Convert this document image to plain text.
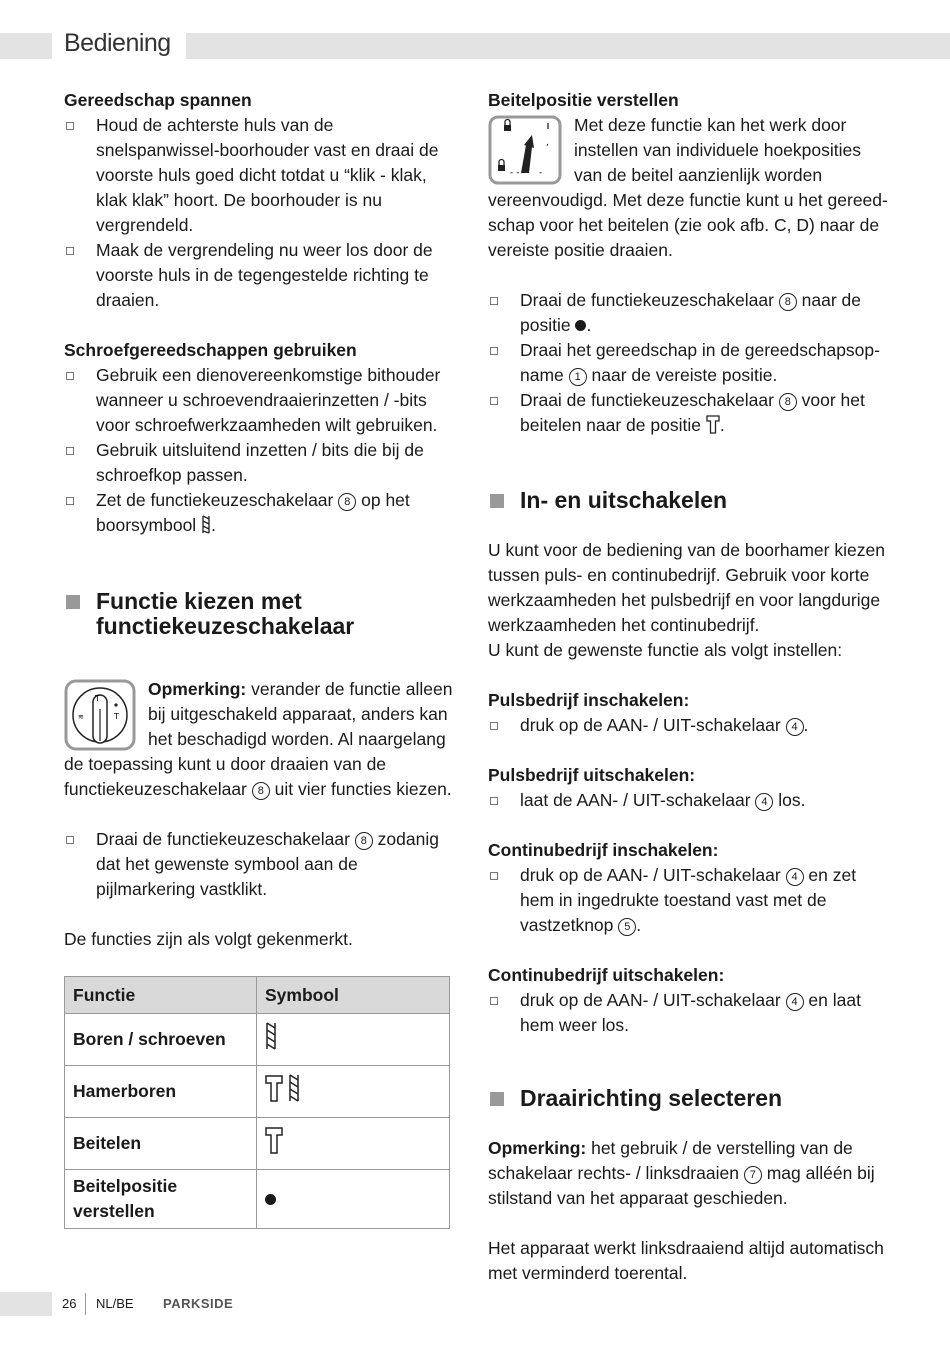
Bediening

Gereedschap spannen

Houd de achterste huls van de snelspanwissel-boorhouder vast en draai de voorste huls goed dicht totdat u “klik - klak, klak klak” hoort. De boorhouder is nu vergrendeld.

Maak de vergrendeling nu weer los door de voorste huls in de tegengestelde richting te draaien.

Schroefgereedschappen gebruiken

Gebruik een dienovereenkomstige bithouder wanneer u schroevendraaierinzetten / -bits voor schroefwerkzaamheden wilt gebruiken.

Gebruik uitsluitend inzetten / bits die bij de schroefkop passen.

Zet de functiekeuzeschakelaar 8 op het boorsymbool .

Functie kiezen met functiekeuzeschakelaar

T
≋	T
Opmerking: verander de functie alleen bij uitgeschakeld apparaat, anders kan het beschadigd worden. Al naargelang de toepassing kunt u door draaien van de functiekeuzeschakelaar 8 uit vier functies kiezen.

Draai de functiekeuzeschakelaar 8 zodanig dat het gewenste symbool aan de pijlmarkering vastklikt.

De functies zijn als volgt gekenmerkt.

Functie	Symbool
Boren / schroeven	
Hamerboren	
Beitelen	
Beitelpositie verstellen	

Beitelpositie verstellen

- - -
,
Met deze functie kan het werk door instellen van individuele hoekposities van de beitel aanzienlijk worden vereenvoudigd. Met deze functie kunt u het gereed-schap voor het beitelen (zie ook afb. C, D) naar de vereiste positie draaien.

Draai de functiekeuzeschakelaar 8 naar de positie .

Draai het gereedschap in de gereedschapsop-name 1 naar de vereiste positie.

Draai de functiekeuzeschakelaar 8 voor het beitelen naar de positie .

In- en uitschakelen

U kunt voor de bediening van de boorhamer kiezen tussen puls- en continubedrijf. Gebruik voor korte werkzaamheden het pulsbedrijf en voor langdurige werkzaamheden het continubedrijf.

U kunt de gewenste functie als volgt instellen:

Pulsbedrijf inschakelen:

druk op de AAN- / UIT-schakelaar 4 .

Pulsbedrijf uitschakelen:

laat de AAN- / UIT-schakelaar 4 los.

Continubedrijf inschakelen:

druk op de AAN- / UIT-schakelaar 4 en zet hem in ingedrukte toestand vast met de vastzetknop 5 .

Continubedrijf uitschakelen:

druk op de AAN- / UIT-schakelaar 4 en laat hem weer los.

Draairichting selecteren

Opmerking: het gebruik / de verstelling van de schakelaar rechts- / linksdraaien 7 mag alléén bij stilstand van het apparaat geschieden.

Het apparaat werkt linksdraaiend altijd automatisch met verminderd toerental.

26 NL/BE PARKSIDE
